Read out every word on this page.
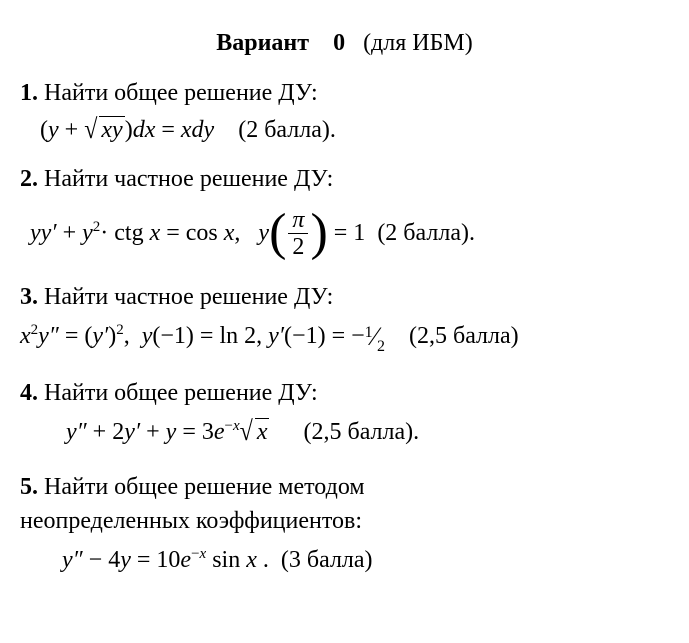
Вариант 0 (для ИБМ)
1. Найти общее решение ДУ:
(y + √ xy)dx = xdy (2 балла).
2. Найти частное решение ДУ:
$yy' + y^2\cdot$ ctg x = cos x, y ( $\frac{\pi}{2}$ ) = 1 (2 балла).
3. Найти частное решение ДУ:
$x^2y'' = (y')^2$,  y(−1) = ln 2, y′(−1) = −1⁄2 (2,5 балла)
4. Найти общее решение ДУ:
$y'' + 2y' + y = 3e^{-x}√$ x (2,5 балла).
5. Найти общее решение методом
неопределенных коэффициентов:
$y'' - 4y = 10e^{-x}$ sin x .  (3 балла)
